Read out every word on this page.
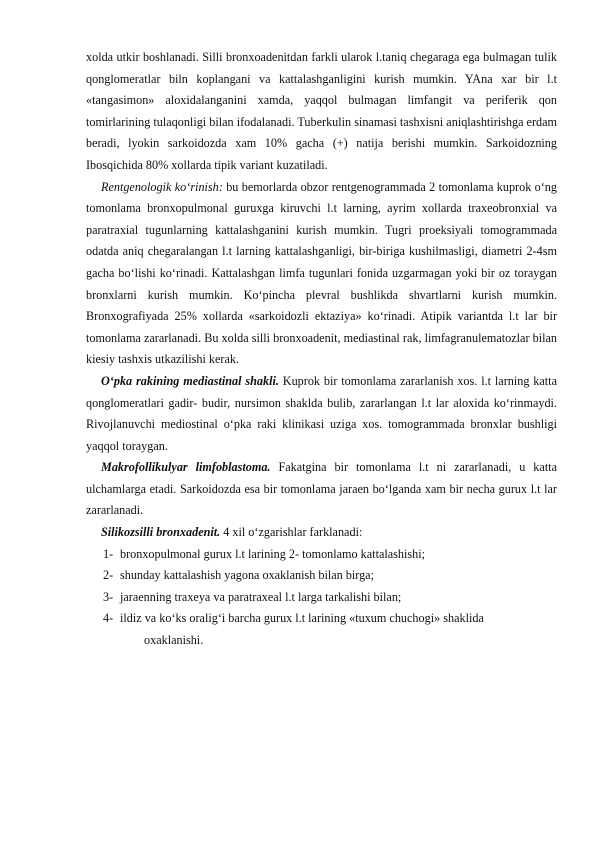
xolda utkir boshlanadi. Silli bronxoadenitdan farkli ularok l.taniq chegaraga ega bulmagan tulik qonglomeratlar biln koplangani va kattalashganligini kurish mumkin. YAna xar bir l.t «tangasimon» aloxidalanganini xamda, yaqqol bulmagan limfangit va periferik qon tomirlarining tulaqonligi bilan ifodalanadi. Tuberkulin sinamasi tashxisni aniqlashtirishga erdam beradi, lyokin sarkoidozda xam 10% gacha (+) natija berishi mumkin. Sarkoidozning Ibosqichida 80% xollarda tipik variant kuzatiladi.

Rentgenologik ko‘rinish: bu bemorlarda obzor rentgenogrammada 2 tomonlama kuprok o‘ng tomonlama bronxopulmonal guruxga kiruvchi l.t larning, ayrim xollarda traxeobronxial va paratraxial tugunlarning kattalashganini kurish mumkin. Tugri proeksiyali tomogrammada odatda aniq chegaralangan l.t larning kattalashganligi, bir-biriga kushilmasligi, diametri 2-4sm gacha bo‘lishi ko‘rinadi. Kattalashgan limfa tugunlari fonida uzgarmagan yoki bir oz toraygan bronxlarni kurish mumkin. Ko‘pincha plevral bushlikda shvartlarni kurish mumkin. Bronxografiyada 25% xollarda «sarkoidozli ektaziya» ko‘rinadi. Atipik variantda l.t lar bir tomonlama zararlanadi. Bu xolda silli bronxoadenit, mediastinal rak, limfagranulematozlar bilan kiesiy tashxis utkazilishi kerak.

O‘pka rakining mediastinal shakli. Kuprok bir tomonlama zararlanish xos. l.t larning katta qonglomeratlari gadir- budir, nursimon shaklda bulib, zararlangan l.t lar aloxida ko‘rinmaydi. Rivojlanuvchi mediostinal o‘pka raki klinikasi uziga xos. tomogrammada bronxlar bushligi yaqqol toraygan.

Makrofollikulyar limfoblastoma. Fakatgina bir tomonlama l.t ni zararlanadi, u katta ulchamlarga etadi. Sarkoidozda esa bir tomonlama jaraen bo‘lganda xam bir necha gurux l.t lar zararlanadi.

Silikozsilli bronxadenit. 4 xil o‘zgarishlar farklanadi:

1- bronxopulmonal gurux l.t larining 2- tomonlamo kattalashishi;
2- shunday kattalashish yagona oxaklanish bilan birga;
3- jaraenning traxeya va paratraxeal l.t larga tarkalishi bilan;
4- ildiz va ko‘ks oralig‘i barcha gurux l.t larining «tuxum chuchogi» shaklida
oxaklanishi.
